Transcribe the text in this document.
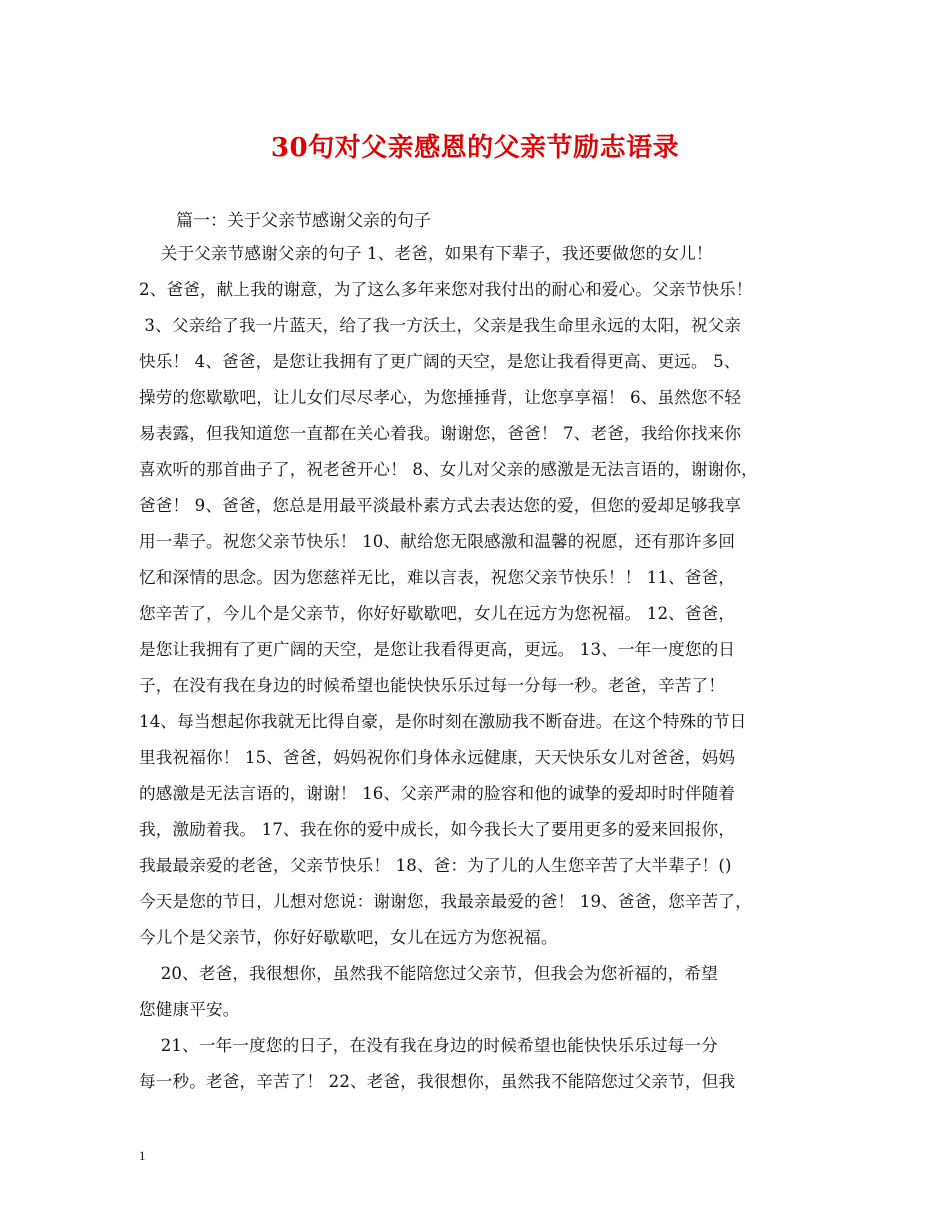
30句对父亲感恩的父亲节励志语录
篇一：关于父亲节感谢父亲的句子
关于父亲节感谢父亲的句子 1、老爸，如果有下辈子，我还要做您的女儿！
2、爸爸，献上我的谢意，为了这么多年来您对我付出的耐心和爱心。父亲节快乐！
3、父亲给了我一片蓝天，给了我一方沃土，父亲是我生命里永远的太阳，祝父亲
快乐！ 4、爸爸，是您让我拥有了更广阔的天空，是您让我看得更高、更远。 5、
操劳的您歇歇吧，让儿女们尽尽孝心，为您捶捶背，让您享享福！ 6、虽然您不轻
易表露，但我知道您一直都在关心着我。谢谢您，爸爸！ 7、老爸，我给你找来你
喜欢听的那首曲子了，祝老爸开心！ 8、女儿对父亲的感激是无法言语的，谢谢你，
爸爸！ 9、爸爸，您总是用最平淡最朴素方式去表达您的爱，但您的爱却足够我享
用一辈子。祝您父亲节快乐！ 10、献给您无限感激和温馨的祝愿，还有那许多回
忆和深情的思念。因为您慈祥无比，难以言表，祝您父亲节快乐！！ 11、爸爸，
您辛苦了，今儿个是父亲节，你好好歇歇吧，女儿在远方为您祝福。 12、爸爸，
是您让我拥有了更广阔的天空，是您让我看得更高，更远。 13、一年一度您的日
子，在没有我在身边的时候希望也能快快乐乐过每一分每一秒。老爸，辛苦了！
14、每当想起你我就无比得自豪，是你时刻在激励我不断奋进。在这个特殊的节日
里我祝福你！ 15、爸爸，妈妈祝你们身体永远健康，天天快乐女儿对爸爸，妈妈
的感激是无法言语的，谢谢！ 16、父亲严肃的脸容和他的诚挚的爱却时时伴随着
我，激励着我。 17、我在你的爱中成长，如今我长大了要用更多的爱来回报你，
我最最亲爱的老爸，父亲节快乐！ 18、爸：为了儿的人生您辛苦了大半辈子！()
今天是您的节日，儿想对您说：谢谢您，我最亲最爱的爸！ 19、爸爸，您辛苦了，
今儿个是父亲节，你好好歇歇吧，女儿在远方为您祝福。
20、老爸，我很想你，虽然我不能陪您过父亲节，但我会为您祈福的，希望
您健康平安。
21、一年一度您的日子，在没有我在身边的时候希望也能快快乐乐过每一分
每一秒。老爸，辛苦了！ 22、老爸，我很想你，虽然我不能陪您过父亲节，但我
1
